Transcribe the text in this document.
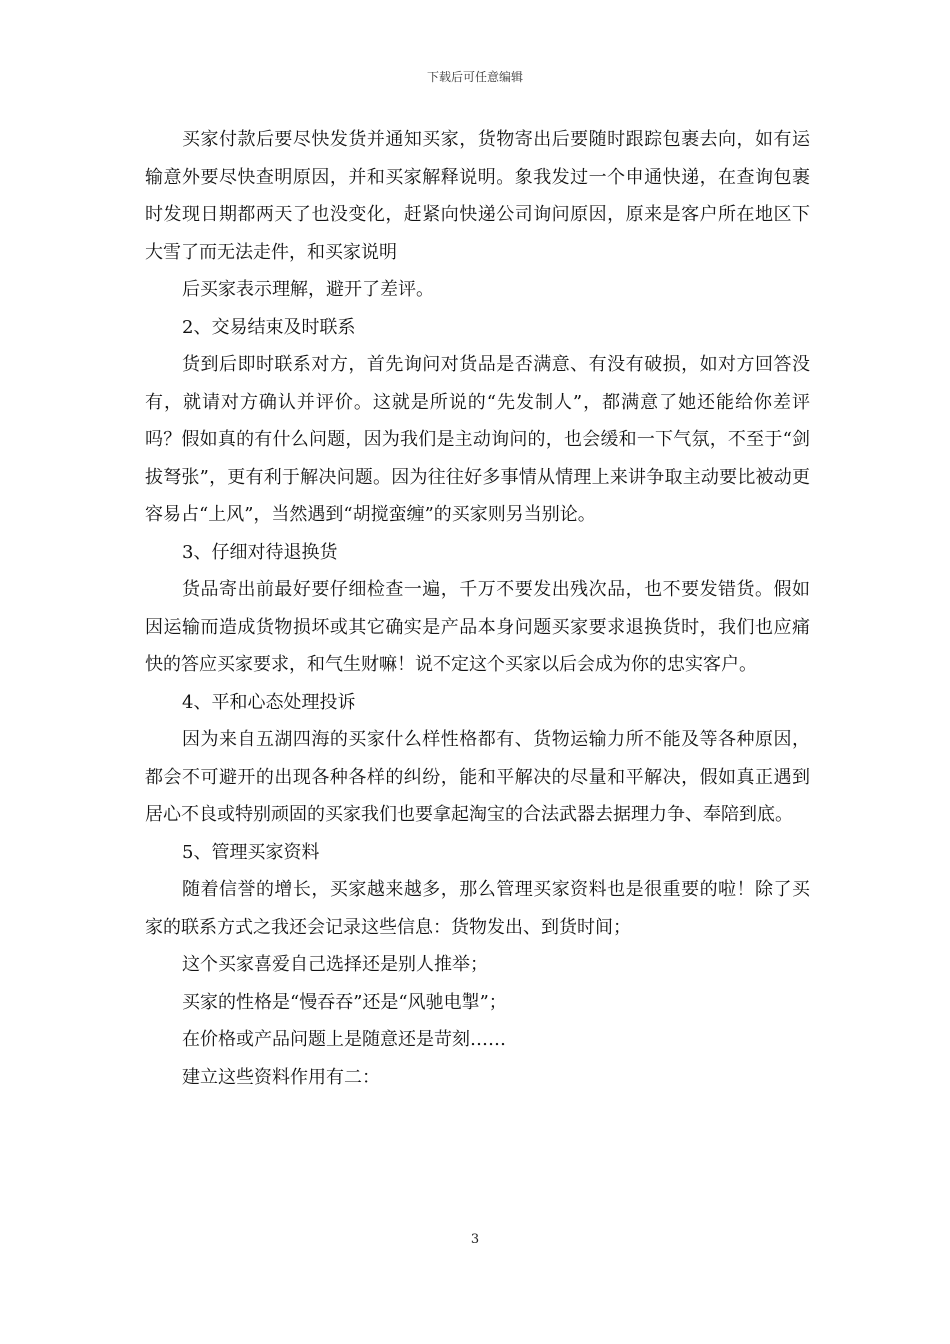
下载后可任意编辑

买家付款后要尽快发货并通知买家，货物寄出后要随时跟踪包裹去向，如有运输意外要尽快查明原因，并和买家解释说明。象我发过一个申通快递，在查询包裹时发现日期都两天了也没变化，赶紧向快递公司询问原因，原来是客户所在地区下大雪了而无法走件，和买家说明

后买家表示理解，避开了差评。

2、交易结束及时联系

货到后即时联系对方，首先询问对货品是否满意、有没有破损，如对方回答没有，就请对方确认并评价。这就是所说的“先发制人”，都满意了她还能给你差评吗？假如真的有什么问题，因为我们是主动询问的，也会缓和一下气氛，不至于“剑拔弩张”，更有利于解决问题。因为往往好多事情从情理上来讲争取主动要比被动更容易占“上风”，当然遇到“胡搅蛮缠”的买家则另当别论。

3、仔细对待退换货

货品寄出前最好要仔细检查一遍，千万不要发出残次品，也不要发错货。假如因运输而造成货物损坏或其它确实是产品本身问题买家要求退换货时，我们也应痛快的答应买家要求，和气生财嘛！说不定这个买家以后会成为你的忠实客户。

4、平和心态处理投诉

因为来自五湖四海的买家什么样性格都有、货物运输力所不能及等各种原因，都会不可避开的出现各种各样的纠纷，能和平解决的尽量和平解决，假如真正遇到居心不良或特别顽固的买家我们也要拿起淘宝的合法武器去据理力争、奉陪到底。

5、管理买家资料

随着信誉的增长，买家越来越多，那么管理买家资料也是很重要的啦！除了买家的联系方式之我还会记录这些信息：货物发出、到货时间；

这个买家喜爱自己选择还是别人推举；

买家的性格是“慢吞吞”还是“风驰电掣”；

在价格或产品问题上是随意还是苛刻……

建立这些资料作用有二：

3
